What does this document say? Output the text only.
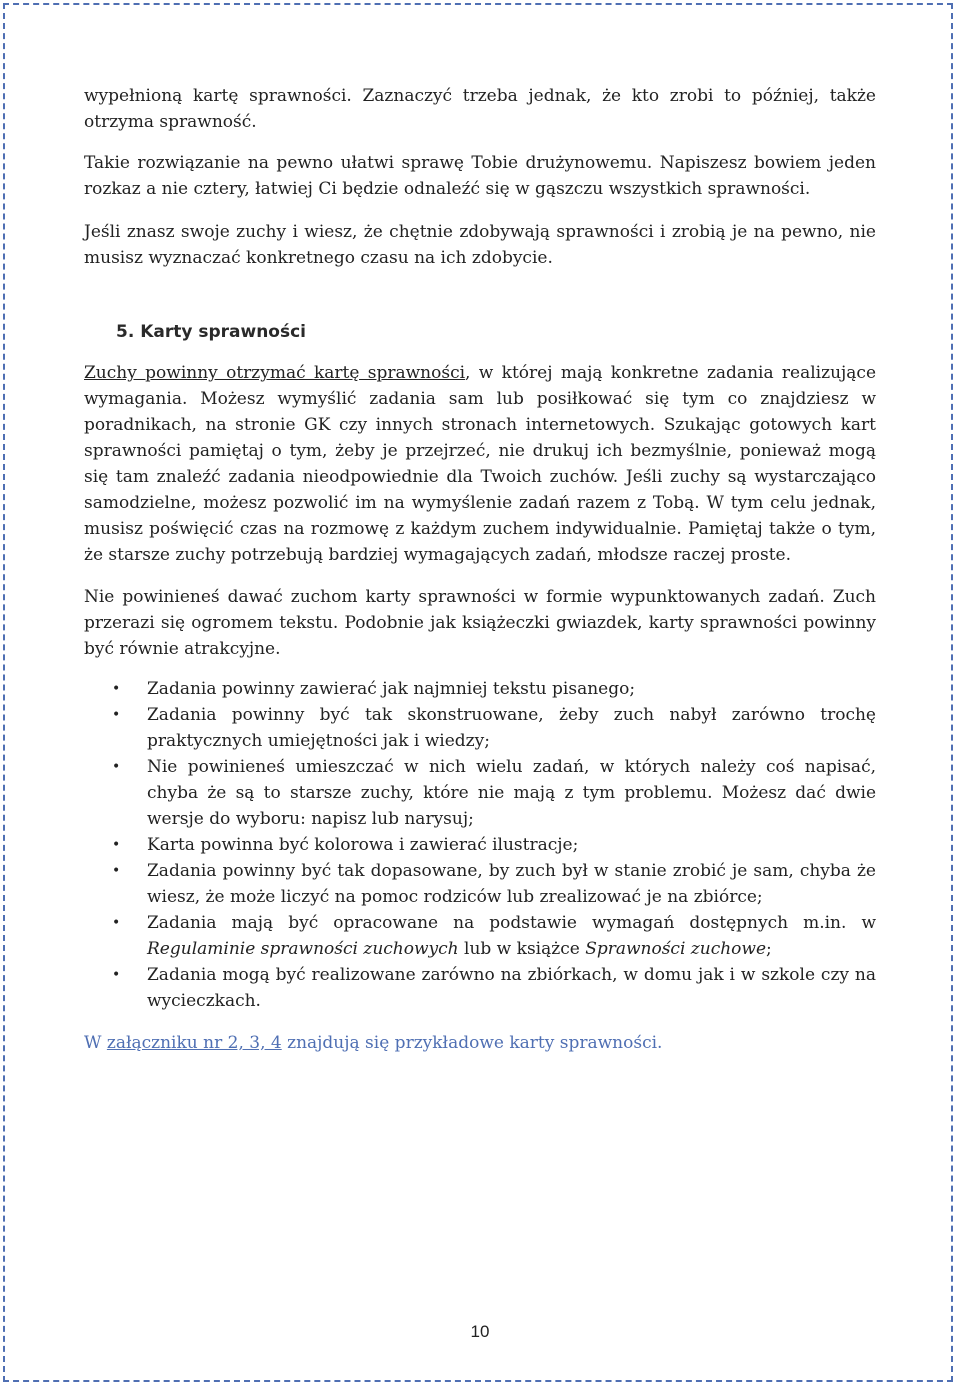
wypełnioną kartę sprawności. Zaznaczyć trzeba jednak, że kto zrobi to później, także otrzyma sprawność.

Takie rozwiązanie na pewno ułatwi sprawę Tobie drużynowemu. Napiszesz bowiem jeden rozkaz a nie cztery, łatwiej Ci będzie odnaleźć się w gąszczu wszystkich sprawności.

Jeśli znasz swoje zuchy i wiesz, że chętnie zdobywają sprawności i zrobią je na pewno, nie musisz wyznaczać konkretnego czasu na ich zdobycie.

5. Karty sprawności

Zuchy powinny otrzymać kartę sprawności, w której mają konkretne zadania realizujące wymagania. Możesz wymyślić zadania sam lub posiłkować się tym co znajdziesz w poradnikach, na stronie GK czy innych stronach internetowych. Szukając gotowych kart sprawności pamiętaj o tym, żeby je przejrzeć, nie drukuj ich bezmyślnie, ponieważ mogą się tam znaleźć zadania nieodpowiednie dla Twoich zuchów. Jeśli zuchy są wystarczająco samodzielne, możesz pozwolić im na wymyślenie zadań razem z Tobą. W tym celu jednak, musisz poświęcić czas na rozmowę z każdym zuchem indywidualnie. Pamiętaj także o tym, że starsze zuchy potrzebują bardziej wymagających zadań, młodsze raczej proste.

Nie powinieneś dawać zuchom karty sprawności w formie wypunktowanych zadań. Zuch przerazi się ogromem tekstu. Podobnie jak książeczki gwiazdek, karty sprawności powinny być równie atrakcyjne.

• Zadania powinny zawierać jak najmniej tekstu pisanego;
• Zadania powinny być tak skonstruowane, żeby zuch nabył zarówno trochę praktycznych umiejętności jak i wiedzy;
• Nie powinieneś umieszczać w nich wielu zadań, w których należy coś napisać, chyba że są to starsze zuchy, które nie mają z tym problemu. Możesz dać dwie wersje do wyboru: napisz lub narysuj;
• Karta powinna być kolorowa i zawierać ilustracje;
• Zadania powinny być tak dopasowane, by zuch był w stanie zrobić je sam, chyba że wiesz, że może liczyć na pomoc rodziców lub zrealizować je na zbiórce;
• Zadania mają być opracowane na podstawie wymagań dostępnych m.in. w Regulaminie sprawności zuchowych lub w książce Sprawności zuchowe;
• Zadania mogą być realizowane zarówno na zbiórkach, w domu jak i w szkole czy na wycieczkach.

W załączniku nr 2, 3, 4 znajdują się przykładowe karty sprawności.

10
